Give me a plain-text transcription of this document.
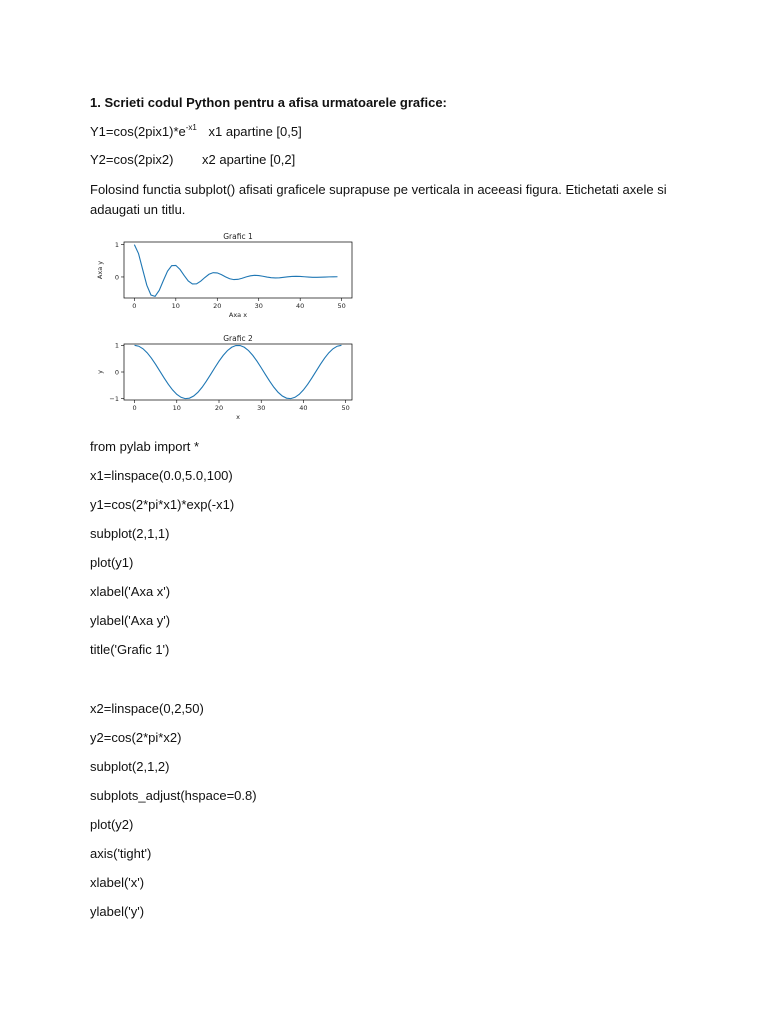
1. Scrieti codul Python pentru a afisa urmatoarele grafice:
$Y1=\cos(2pix1)*e^{-x1}$ x1 apartine [0,5]
Y2=cos(2pix2) x2 apartine [0,2]
Folosind functia subplot() afisati graficele suprapuse pe verticala in aceeasi figura. Etichetati axele si adaugati un titlu.
Grafic 1
0	10	20	30	40	50
1
0
Axa x
Axa y
Grafic 2
0	10	20	30	40	50
1
0
−1
x
y
from pylab import *
x1=linspace(0.0,5.0,100)
y1=cos(2*pi*x1)*exp(-x1)
subplot(2,1,1)
plot(y1)
xlabel('Axa x')
ylabel('Axa y')
title('Grafic 1')
x2=linspace(0,2,50)
y2=cos(2*pi*x2)
subplot(2,1,2)
subplots_adjust(hspace=0.8)
plot(y2)
axis('tight')
xlabel('x')
ylabel('y')
